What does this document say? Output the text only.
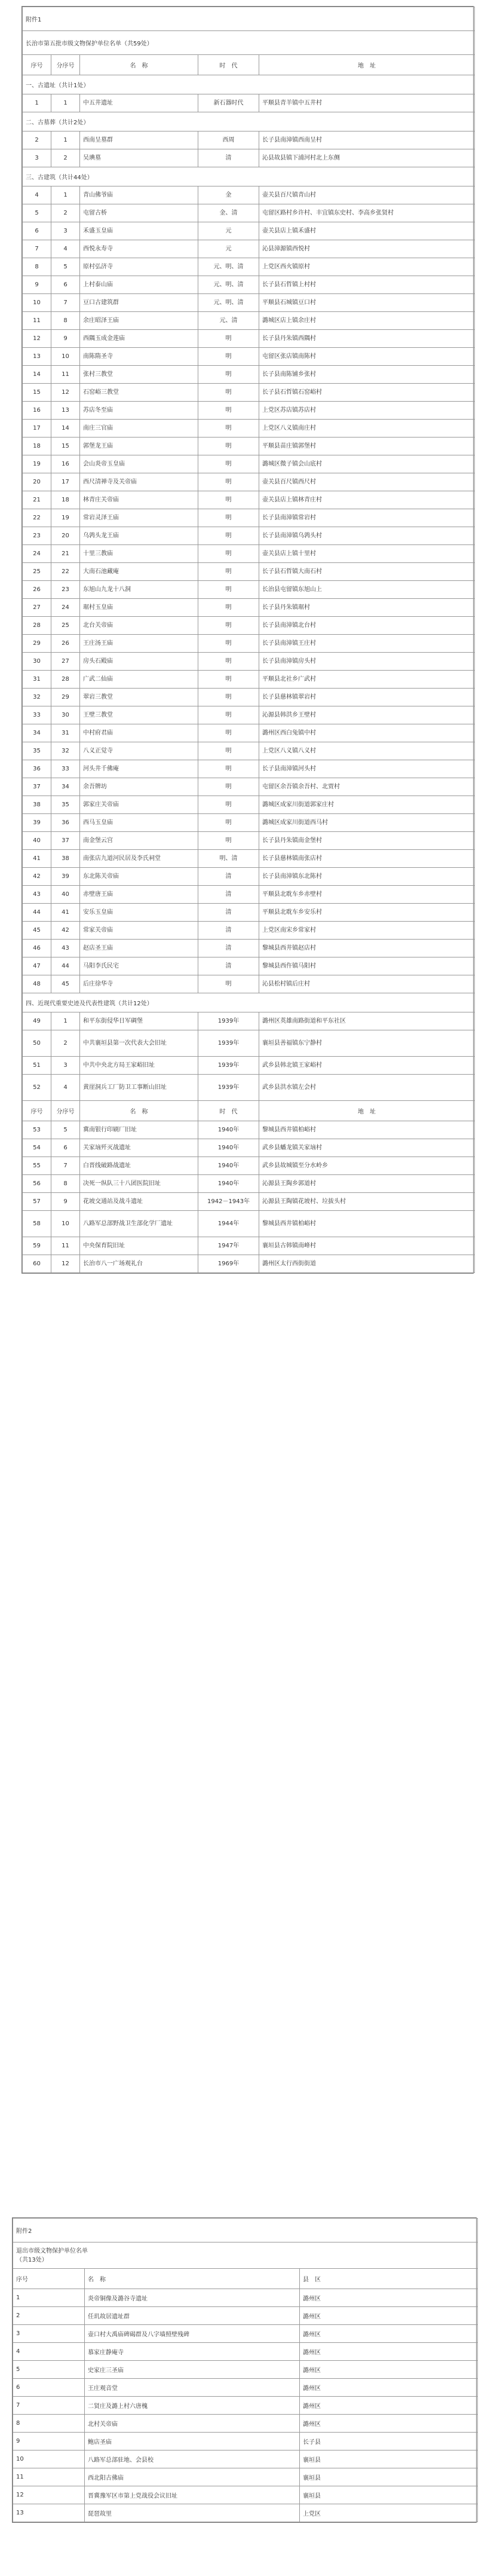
附件1				
长治市第五批市级文物保护单位名单（共59处）				
序号	分序号	名　称	时　代	地　址
一、古遗址（共计1处）				
1	1	中五井遗址	新石器时代	平顺县青羊镇中五井村
二、古墓葬（共计2处）				
2	1	西南呈墓群	西周	长子县南漳镇西南呈村
3	2	吴琠墓	清	沁县故县镇下浦河村北上东侧
三、古建筑（共计44处）				
4	1	青山佛爷庙	金	壶关县百尺镇青山村
5	2	屯留古桥	金、清	屯留区路村乡许村、丰宜镇东史村、李高乡张贤村
6	3	禾盛玉皇庙	元	壶关县店上镇禾盛村
7	4	西悦永寿寺	元	沁县漳源镇西悦村
8	5	原村弘济寺	元、明、清	上党区西火镇原村
9	6	上村泰山庙	元、明、清	长子县石哲镇上村村
10	7	豆口古建筑群	元、明、清	平顺县石城镇豆口村
11	8	余庄昭泽王庙	元、清	潞城区店上镇余庄村
12	9	西隅玉成金莲庙	明	长子县丹朱镇西隅村
13	10	南陈隋圣寺	明	屯留区张店镇南陈村
14	11	张村三教堂	明	长子县南陈铺乡张村
15	12	石窑峪三教堂	明	长子县石哲镇石窑峪村
16	13	苏店冬至庙	明	上党区苏店镇苏店村
17	14	南庄三官庙	明	上党区八义镇南庄村
18	15	郭堡龙王庙	明	平顺县苗庄镇郭堡村
19	16	会山炎帝玉皇庙	明	潞城区微子镇会山底村
20	17	西尺清禅寺及关帝庙	明	壶关县百尺镇西尺村
21	18	林青庄关帝庙	明	壶关县店上镇林青庄村
22	19	常岩灵泽王庙	明	长子县南漳镇常岩村
23	20	乌鹑头龙王庙	明	长子县南漳镇乌鹑头村
24	21	十里三教庙	明	壶关县店上镇十里村
25	22	大南石池藏庵	明	长子县石哲镇大南石村
26	23	东旭山九龙十八洞	明	长治县屯留镇东旭山上
27	24	琚村玉皇庙	明	长子县丹朱镇琚村
28	25	北台关帝庙	明	长子县南漳镇北台村
29	26	王庄汤王庙	明	长子县南漳镇王庄村
30	27	房头石殿庙	明	长子县南漳镇房头村
31	28	广武二仙庙	明	平顺县北社乡广武村
32	29	翠岩三教堂	明	长子县慈林镇翠岩村
33	30	王壁三教堂	明	沁源县韩洪乡王壁村
34	31	中村府君庙	明	潞州区西白兔镇中村
35	32	八义正觉寺	明	上党区八义镇八义村
36	33	河头井千佛庵	明	长子县南漳镇河头村
37	34	余吾牌坊	明	屯留区余吾镇余吾村、北贾村
38	35	郭家庄关帝庙	明	潞城区成家川街道郭家庄村
39	36	西马玉皇庙	明	潞城区成家川街道西马村
40	37	南金堡云宫	明	长子县丹朱镇南金堡村
41	38	南张店九道河民居及李氏祠堂	明、清	长子县慈林镇南张店村
42	39	东北陈关帝庙	清	长子县南漳镇东北陈村
43	40	赤壁唐王庙	清	平顺县北耽车乡赤壁村
44	41	安乐玉皇庙	清	平顺县北耽车乡安乐村
45	42	常家关帝庙	清	上党区南宋乡常家村
46	43	赵店圣王庙	清	黎城县西井镇赵店村
47	44	马阳李氏民宅	清	黎城县西仵镇马阳村
48	45	后庄徐华寺	明	沁县松村镇后庄村
四、近现代重要史迹及代表性建筑（共计12处）				
49	1	和平东街侵华日军碉堡	1939年	潞州区英雄南路街道和平东社区
50	2	中共襄垣县第一次代表大会旧址	1939年	襄垣县善福镇东宁静村
51	3	中共中央北方局王家峪旧址	1939年	武乡县韩北镇王家峪村
52	4	黄崖洞兵工厂防卫工事断山旧址	1939年	武乡县洪水镇左会村
序号	分序号	名　称	时　代	地　址
53	5	冀南银行印刷厂旧址	1940年	黎城县西井镇柏峪村
54	6	关家垴歼灭战遗址	1940年	武乡县蟠龙镇关家垴村
55	7	白晋线破路战遗址	1940年	武乡县故城镇至分水岭乡
56	8	决死一纵队三十八团医院旧址	1940年	沁源县王陶乡郭道村
57	9	花坡交通站及战斗遗址	1942－1943年	沁源县王陶镇花坡村、垃拔头村
58	10	八路军总部野战卫生部化学厂遗址	1944年	黎城县西井镇柏峪村
59	11	中央保育院旧址	1947年	襄垣县古韩镇南峰村
60	12	长治市八一广场观礼台	1969年	潞州区太行西街街道
附件2		
退出市级文物保护单位名单
（共13处）		

序号	名　称	县　区
1	炎帝铜像及潞谷寺遗址	潞州区
2	任玑故居遗址群	潞州区
3	壶口村大禹庙碑碣群及八字墙照壁残碑	潞州区
4	慕家庄静庵寺	潞州区
5	史家庄三圣庙	潞州区
6	王庄观音堂	潞州区
7	二贤庄及潞上村六唐槐	潞州区
8	北村关帝庙	潞州区
9	鲍店圣庙	长子县
10	八路军总部驻地、会县校	襄垣县
11	西北阳古佛庙	襄垣县
12	晋冀豫军区市第上党战役会议旧址	襄垣县
13	琵琶故里	上党区
